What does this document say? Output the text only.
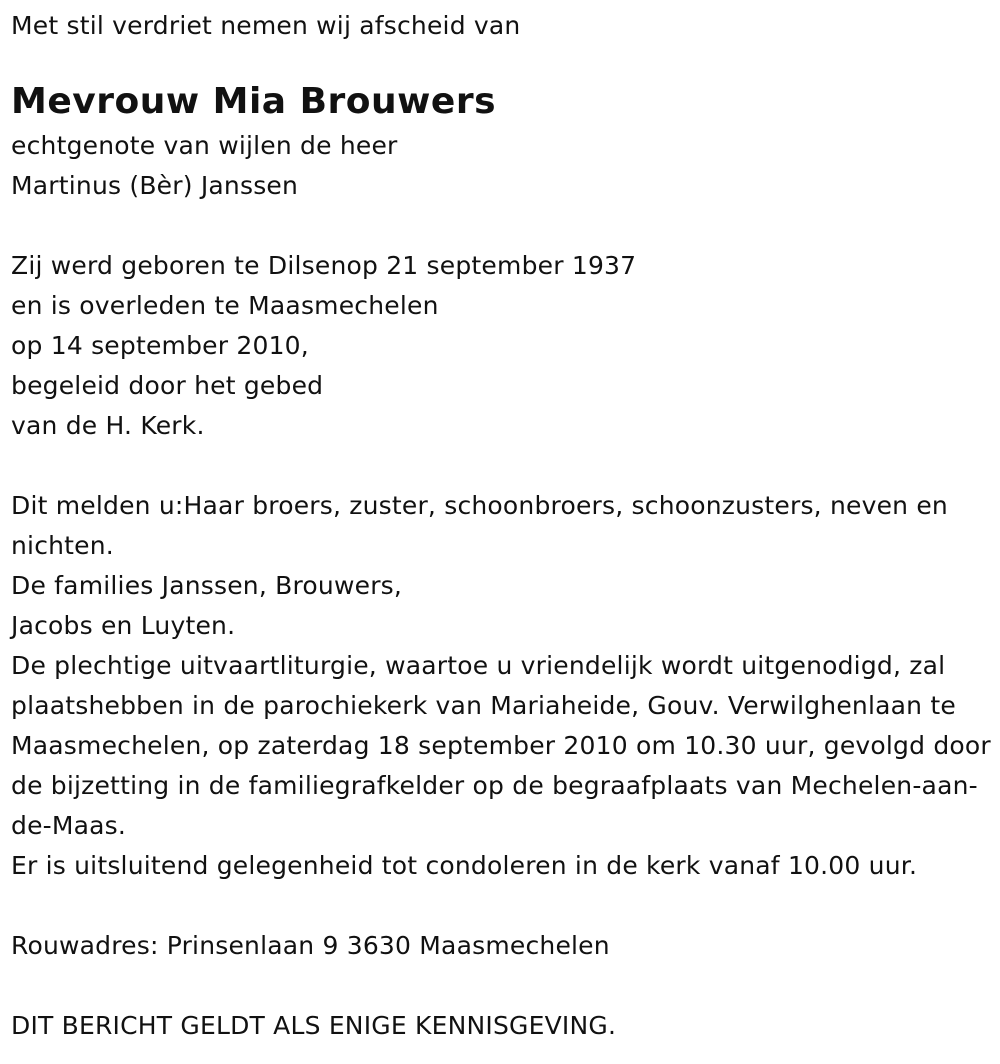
Met stil verdriet nemen wij afscheid van
Mevrouw Mia Brouwers
echtgenote van wijlen de heer
Martinus (Bèr) Janssen
Zij werd geboren te Dilsenop 21 september 1937
en is overleden te Maasmechelen
op 14 september 2010,
begeleid door het gebed
van de H. Kerk.
Dit melden u:Haar broers, zuster, schoonbroers, schoonzusters, neven en nichten.
De families Janssen, Brouwers,
Jacobs en Luyten.
De plechtige uitvaartliturgie, waartoe u vriendelijk wordt uitgenodigd, zal plaatshebben in de parochiekerk van Mariaheide, Gouv. Verwilghenlaan te Maasmechelen, op zaterdag 18 september 2010 om 10.30 uur, gevolgd door de bijzetting in de familiegrafkelder op de begraafplaats van Mechelen-aan-de-Maas.
Er is uitsluitend gelegenheid tot condoleren in de kerk vanaf 10.00 uur.
Rouwadres: Prinsenlaan 9 3630 Maasmechelen
DIT BERICHT GELDT ALS ENIGE KENNISGEVING.
